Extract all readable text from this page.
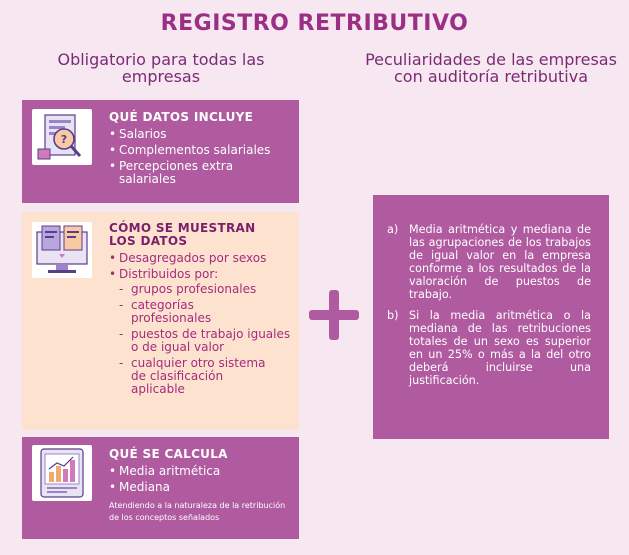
REGISTRO RETRIBUTIVO
Obligatorio para todas las empresas
Peculiaridades de las empresas con auditoría retributiva
?
QUÉ DATOS INCLUYE
• Salarios
• Complementos salariales
• Percepciones extra salariales
CÓMO SE MUESTRAN LOS DATOS
• Desagregados por sexos
• Distribuidos por:
- grupos profesionales
- categorías profesionales
- puestos de trabajo iguales o de igual valor
- cualquier otro sistema de clasificación aplicable
QUÉ SE CALCULA
• Media aritmética
• Mediana
Atendiendo a la naturaleza de la retribución de los conceptos señalados
a) Media aritmética y mediana de las agrupaciones de los trabajos de igual valor en la empresa conforme a los resultados de la valoración de puestos de trabajo.
b) Si la media aritmética o la mediana de las retribuciones totales de un sexo es superior en un 25% o más a la del otro deberá incluirse una justificación.
